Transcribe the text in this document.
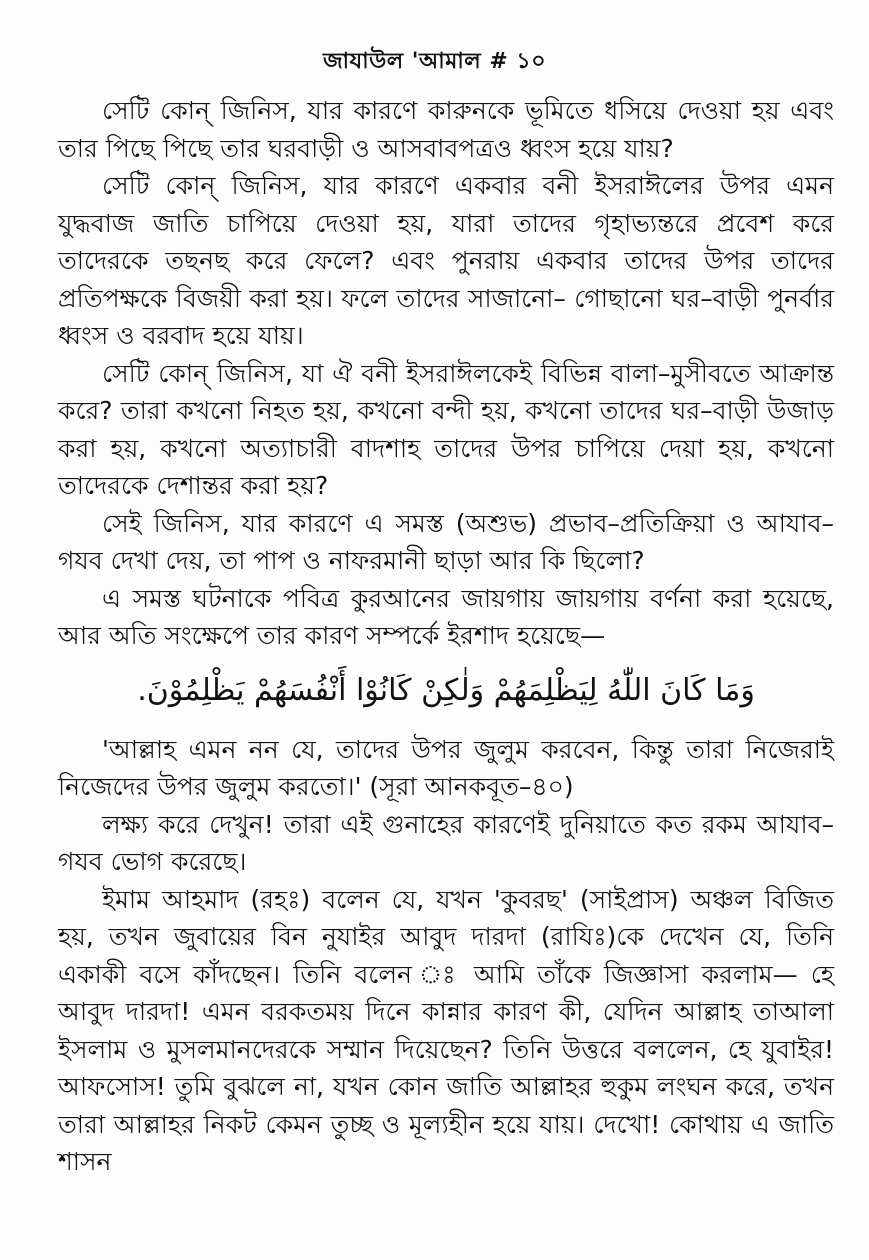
জাযাউল 'আমাল # ১০

সেটি কোন্ জিনিস, যার কারণে কারুনকে ভূমিতে ধসিয়ে দেওয়া হয় এবং তার পিছে পিছে তার ঘরবাড়ী ও আসবাবপত্রও ধ্বংস হয়ে যায়?

সেটি কোন্ জিনিস, যার কারণে একবার বনী ইসরাঈলের উপর এমন যুদ্ধবাজ জাতি চাপিয়ে দেওয়া হয়, যারা তাদের গৃহাভ্যন্তরে প্রবেশ করে তাদেরকে তছনছ করে ফেলে? এবং পুনরায় একবার তাদের উপর তাদের প্রতিপক্ষকে বিজয়ী করা হয়। ফলে তাদের সাজানো– গোছানো ঘর–বাড়ী পুনর্বার ধ্বংস ও বরবাদ হয়ে যায়।

সেটি কোন্ জিনিস, যা ঐ বনী ইসরাঈলকেই বিভিন্ন বালা–মুসীবতে আক্রান্ত করে? তারা কখনো নিহত হয়, কখনো বন্দী হয়, কখনো তাদের ঘর–বাড়ী উজাড় করা হয়, কখনো অত্যাচারী বাদশাহ তাদের উপর চাপিয়ে দেয়া হয়, কখনো তাদেরকে দেশান্তর করা হয়?

সেই জিনিস, যার কারণে এ সমস্ত (অশুভ) প্রভাব–প্রতিক্রিয়া ও আযাব–গযব দেখা দেয়, তা পাপ ও নাফরমানী ছাড়া আর কি ছিলো?

এ সমস্ত ঘটনাকে পবিত্র কুরআনের জায়গায় জায়গায় বর্ণনা করা হয়েছে, আর অতি সংক্ষেপে তার কারণ সম্পর্কে ইরশাদ হয়েছে—

وَمَا كَانَ اللّٰهُ لِيَظْلِمَهُمْ وَلٰكِنْ كَانُوْا أَنْفُسَهُمْ يَظْلِمُوْنَ.

'আল্লাহ এমন নন যে, তাদের উপর জুলুম করবেন, কিন্তু তারা নিজেরাই নিজেদের উপর জুলুম করতো।' (সূরা আনকবূত–৪০)

লক্ষ্য করে দেখুন! তারা এই গুনাহের কারণেই দুনিয়াতে কত রকম আযাব–গযব ভোগ করেছে।

ইমাম আহমাদ (রহঃ) বলেন যে, যখন 'কুবরছ' (সাইপ্রাস) অঞ্চল বিজিত হয়, তখন জুবায়ের বিন নুযাইর আবুদ দারদা (রাযিঃ)কে দেখেন যে, তিনি একাকী বসে কাঁদছেন। তিনি বলেন ঃ আমি তাঁকে জিজ্ঞাসা করলাম— হে আবুদ দারদা! এমন বরকতময় দিনে কান্নার কারণ কী, যেদিন আল্লাহ তাআলা ইসলাম ও মুসলমানদেরকে সম্মান দিয়েছেন? তিনি উত্তরে বললেন, হে যুবাইর! আফসোস! তুমি বুঝলে না, যখন কোন জাতি আল্লাহর হুকুম লংঘন করে, তখন তারা আল্লাহর নিকট কেমন তুচ্ছ ও মূল্যহীন হয়ে যায়। দেখো! কোথায় এ জাতি শাসন
